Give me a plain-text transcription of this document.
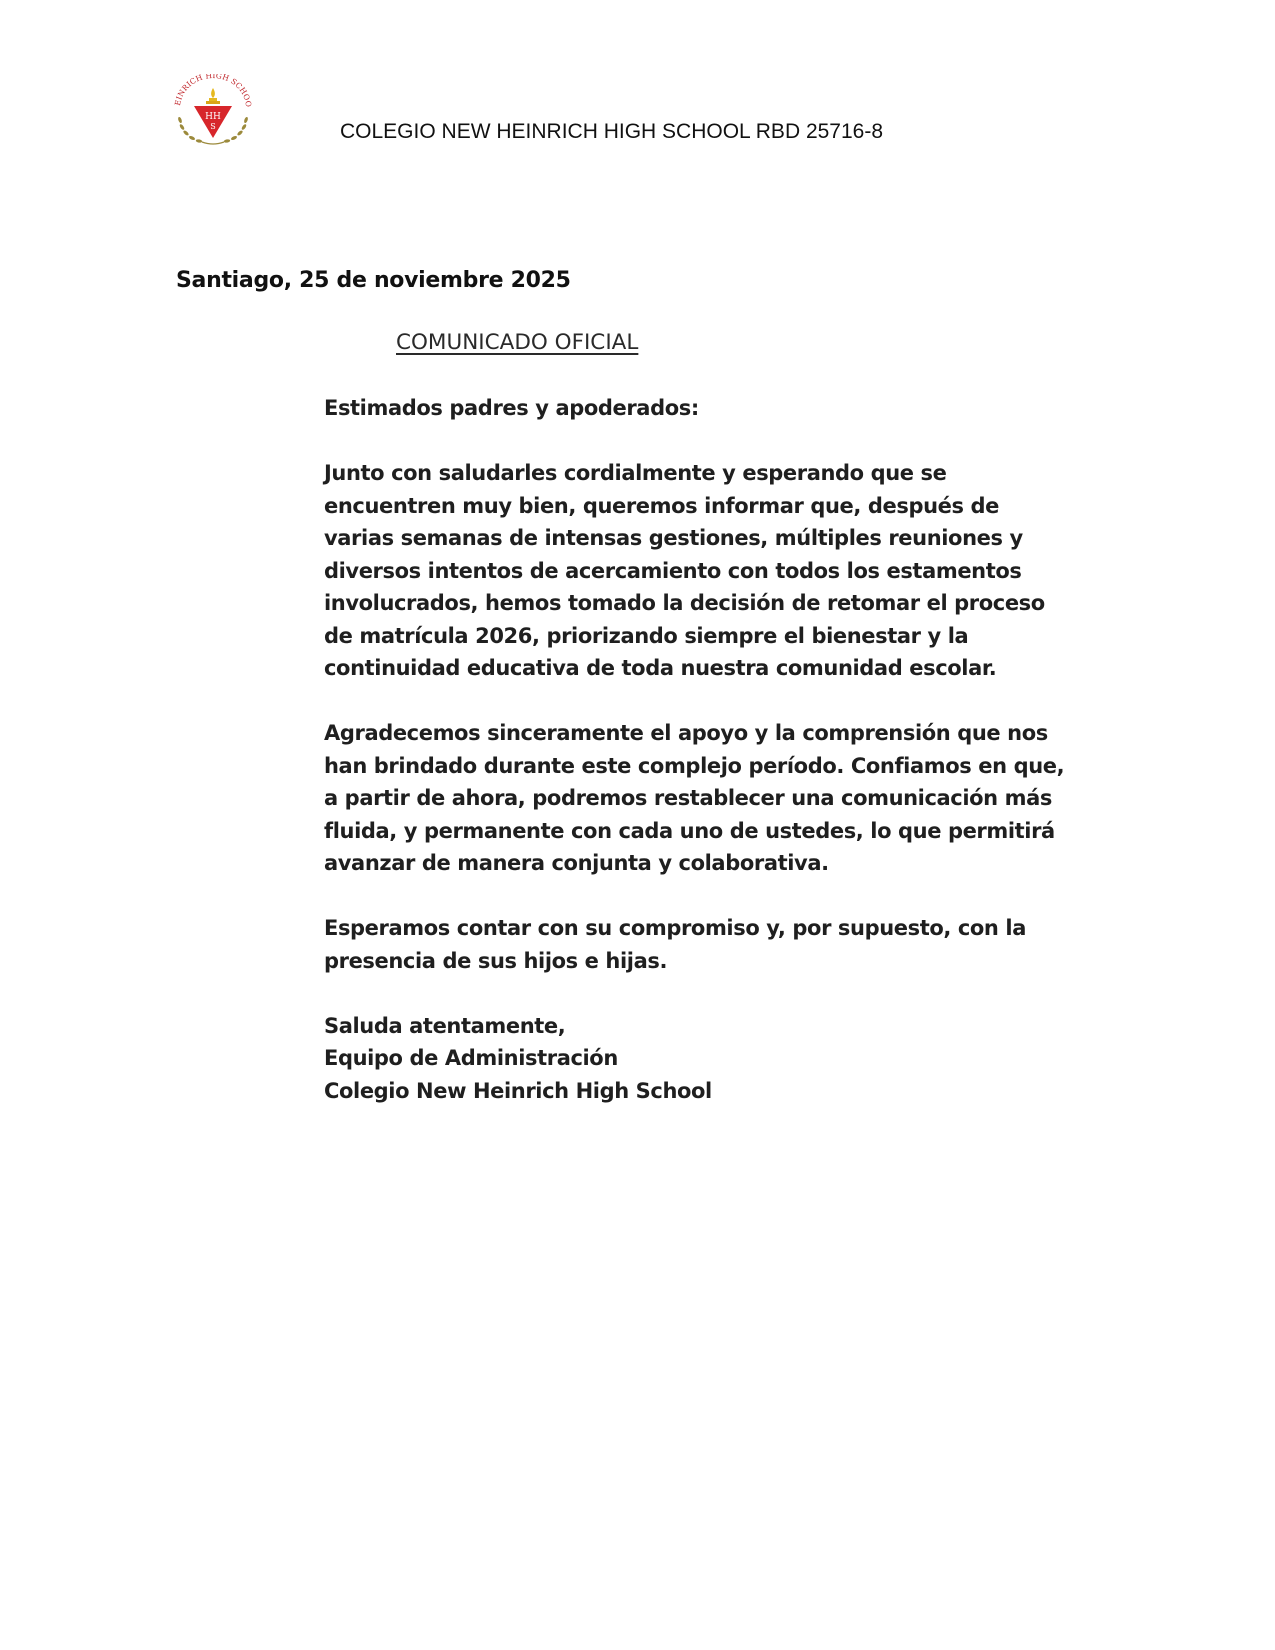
EINRICH HIGH SCHOO
HH
S	COLEGIO NEW HEINRICH HIGH SCHOOL RBD 25716-8
Santiago, 25 de noviembre 2025
COMUNICADO OFICIAL

Estimados padres y apoderados:

Junto con saludarles cordialmente y esperando que se
encuentren muy bien, queremos informar que, después de
varias semanas de intensas gestiones, múltiples reuniones y
diversos intentos de acercamiento con todos los estamentos
involucrados, hemos tomado la decisión de retomar el proceso
de matrícula 2026, priorizando siempre el bienestar y la
continuidad educativa de toda nuestra comunidad escolar.

Agradecemos sinceramente el apoyo y la comprensión que nos
han brindado durante este complejo período. Confiamos en que,
a partir de ahora, podremos restablecer una comunicación más
fluida, y permanente con cada uno de ustedes, lo que permitirá
avanzar de manera conjunta y colaborativa.

Esperamos contar con su compromiso y, por supuesto, con la
presencia de sus hijos e hijas.

Saluda atentamente,
Equipo de Administración
Colegio New Heinrich High School
